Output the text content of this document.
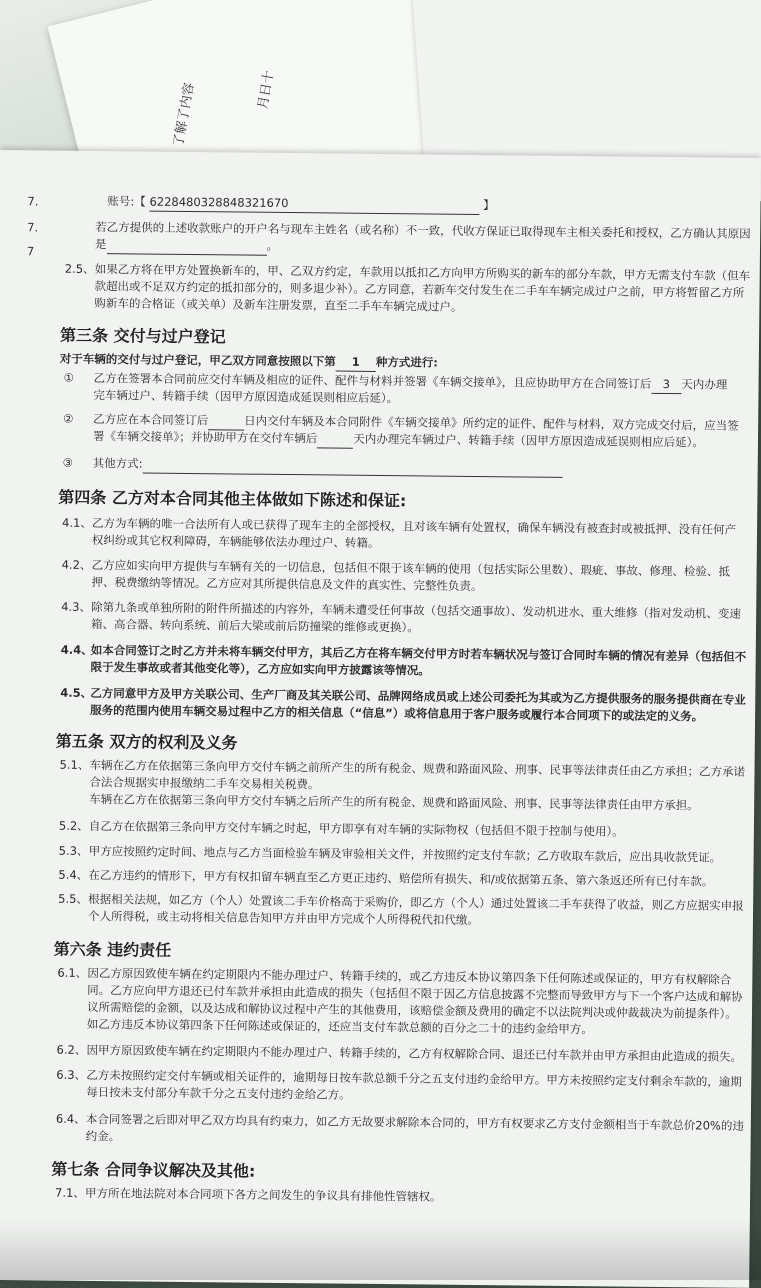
月日十
了解了内容
7.
7.
7
账号:【 6228480328848321670	】
若乙方提供的上述收款账户的开户名与现车主姓名（或名称）不一致，代收方保证已取得现车主相关委托和授权，乙方确认其原因
是	。
2.5、 如果乙方将在甲方处置换新车的，甲、乙双方约定，车款用以抵扣乙方向甲方所购买的新车的部分车款，甲方无需支付车款（但车
款超出或不足双方约定的抵扣部分的，则多退少补）。乙方同意，若新车交付发生在二手车车辆完成过户之前，甲方将暂留乙方所
购新车的合格证（或关单）及新车注册发票，直至二手车车辆完成过户。
第三条 交付与过户登记
对于车辆的交付与过户登记，甲乙双方同意按照以下第 1 种方式进行:
① 乙方在签署本合同前应交付车辆及相应的证件、配件与材料并签署《车辆交接单》，且应协助甲方在合同签订后 3 天内办理
完车辆过户、转籍手续（因甲方原因造成延误则相应后延）。
② 乙方应在本合同签订后	日内交付车辆及本合同附件《车辆交接单》所约定的证件、配件与材料，双方完成交付后，应当签
署《车辆交接单》；并协助甲方在交付车辆后	天内办理完车辆过户、转籍手续（因甲方原因造成延误则相应后延）。
③ 其他方式:
第四条 乙方对本合同其他主体做如下陈述和保证:
4.1、 乙方为车辆的唯一合法所有人或已获得了现车主的全部授权，且对该车辆有处置权，确保车辆没有被查封或被抵押、没有任何产
权纠纷或其它权利障碍，车辆能够依法办理过户、转籍。
4.2、 乙方应如实向甲方提供与车辆有关的一切信息，包括但不限于该车辆的使用（包括实际公里数）、瑕疵、事故、修理、检验、抵
押、税费缴纳等情况。乙方应对其所提供信息及文件的真实性、完整性负责。
4.3、 除第九条或单独所附的附件所描述的内容外，车辆未遭受任何事故（包括交通事故）、发动机进水、重大维修（指对发动机、变速
箱、高合器、转向系统、前后大梁或前后防撞梁的维修或更换）。
4.4、
如本合同签订之时乙方并未将车辆交付甲方，其后乙方在将车辆交付甲方时若车辆状况与签订合同时车辆的情况有差异（包括但不
限于发生事故或者其他变化等），乙方应如实向甲方披露该等情况。
4.5、
乙方同意甲方及甲方关联公司、生产厂商及其关联公司、品牌网络成员或上述公司委托为其或为乙方提供服务的服务提供商在专业
服务的范围内使用车辆交易过程中乙方的相关信息（“信息”）或将信息用于客户服务或履行本合同项下的或法定的义务。
第五条 双方的权利及义务
5.1、 车辆在乙方在依据第三条向甲方交付车辆之前所产生的所有税金、规费和路面风险、刑事、民事等法律责任由乙方承担；乙方承诺
合法合规据实申报缴纳二手车交易相关税费。
车辆在乙方在依据第三条向甲方交付车辆之后所产生的所有税金、规费和路面风险、刑事、民事等法律责任由甲方承担。
5.2、 自乙方在依据第三条向甲方交付车辆之时起，甲方即享有对车辆的实际物权（包括但不限于控制与使用）。
5.3、 甲方应按照约定时间、地点与乙方当面检验车辆及审验相关文件，并按照约定支付车款；乙方收取车款后，应出具收款凭证。
5.4、 在乙方违约的情形下，甲方有权扣留车辆直至乙方更正违约、赔偿所有损失、和/或依据第五条、第六条返还所有已付车款。
5.5、 根据相关法规，如乙方（个人）处置该二手车价格高于采购价，即乙方（个人）通过处置该二手车获得了收益，则乙方应据实申报
个人所得税，或主动将相关信息告知甲方并由甲方完成个人所得税代扣代缴。
第六条 违约责任
6.1、 因乙方原因致使车辆在约定期限内不能办理过户、转籍手续的，或乙方违反本协议第四条下任何陈述或保证的，甲方有权解除合
同。乙方应向甲方退还已付车款并承担由此造成的损失（包括但不限于因乙方信息披露不完整而导致甲方与下一个客户达成和解协
议所需赔偿的金额，以及达成和解协议过程中产生的其他费用，该赔偿金额及费用的确定不以法院判决或仲裁裁决为前提条件）。
如乙方违反本协议第四条下任何陈述或保证的，还应当支付车款总额的百分之二十的违约金给甲方。
6.2、 因甲方原因致使车辆在约定期限内不能办理过户、转籍手续的，乙方有权解除合同、退还已付车款并由甲方承担由此造成的损失。
6.3、 乙方未按照约定交付车辆或相关证件的，逾期每日按车款总额千分之五支付违约金给甲方。甲方未按照约定支付剩余车款的，逾期
每日按未支付部分车款千分之五支付违约金给乙方。
6.4、 本合同签署之后即对甲乙双方均具有约束力，如乙方无故要求解除本合同的，甲方有权要求乙方支付金额相当于车款总价20%的违
约金。
第七条 合同争议解决及其他:
7.1、 甲方所在地法院对本合同项下各方之间发生的争议具有排他性管辖权。
